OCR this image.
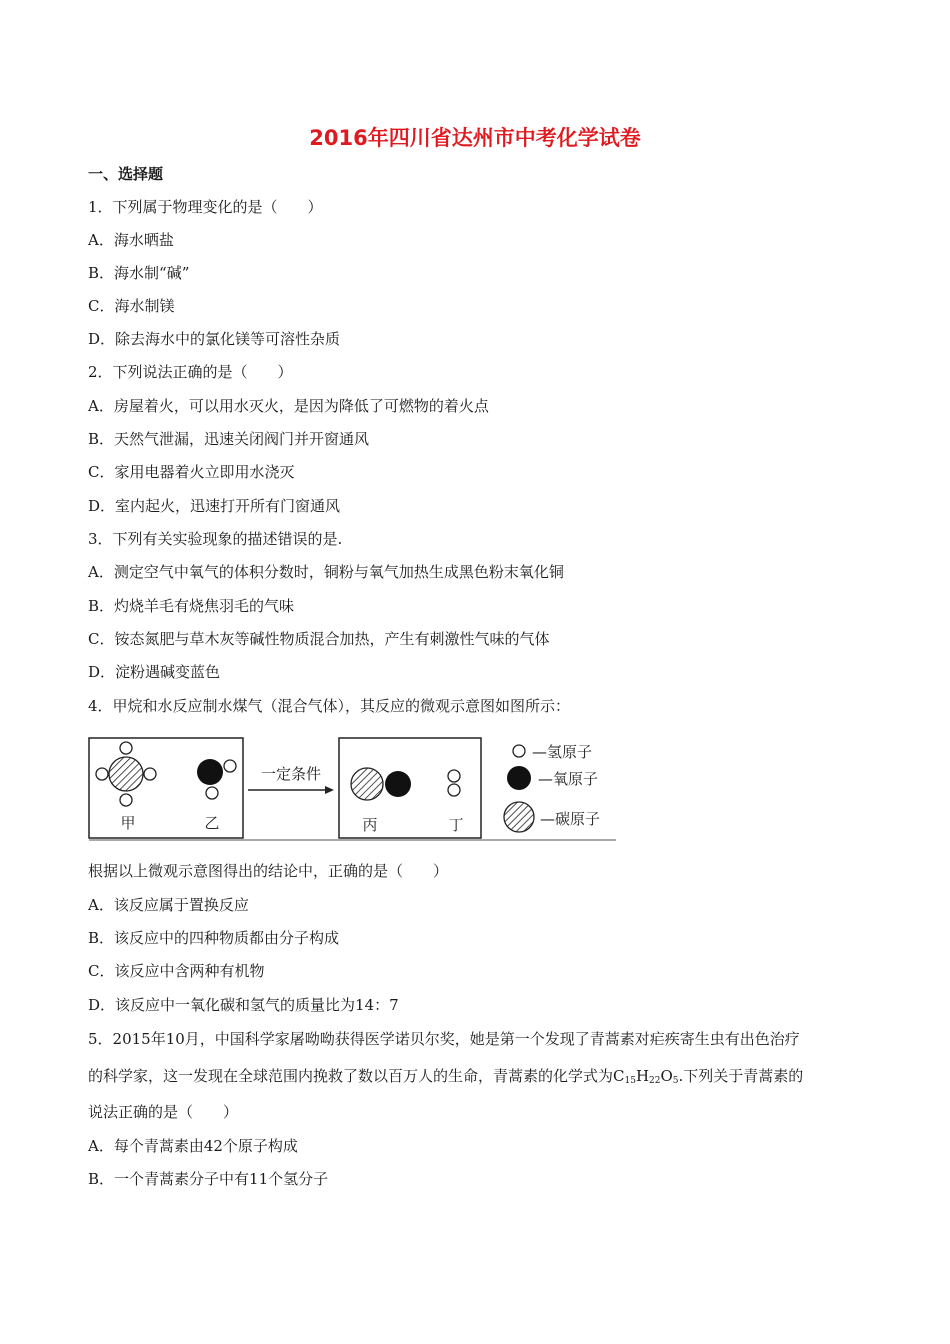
2016年四川省达州市中考化学试卷
一、选择题
1．下列属于物理变化的是（　　）
A．海水晒盐
B．海水制“碱”
C．海水制镁
D．除去海水中的氯化镁等可溶性杂质
2．下列说法正确的是（　　）
A．房屋着火，可以用水灭火，是因为降低了可燃物的着火点
B．天然气泄漏，迅速关闭阀门并开窗通风
C．家用电器着火立即用水浇灭
D．室内起火，迅速打开所有门窗通风
3．下列有关实验现象的描述错误的是.
A．测定空气中氧气的体积分数时，铜粉与氧气加热生成黑色粉末氧化铜
B．灼烧羊毛有烧焦羽毛的气味
C．铵态氮肥与草木灰等碱性物质混合加热，产生有刺激性气味的气体
D．淀粉遇碱变蓝色
4．甲烷和水反应制水煤气（混合气体），其反应的微观示意图如图所示：
甲	乙
一定条件
丙	丁
—氢原子
—氧原子
—碳原子
根据以上微观示意图得出的结论中，正确的是（　　）
A．该反应属于置换反应
B．该反应中的四种物质都由分子构成
C．该反应中含两种有机物
D．该反应中一氧化碳和氢气的质量比为14：7
5．2015年10月，中国科学家屠呦呦获得医学诺贝尔奖，她是第一个发现了青蒿素对疟疾寄生虫有出色治疗
的科学家，这一发现在全球范围内挽救了数以百万人的生命，青蒿素的化学式为$C_{15}H_{22}O_5$.下列关于青蒿素的
说法正确的是（　　）
A．每个青蒿素由42个原子构成
B．一个青蒿素分子中有11个氢分子
